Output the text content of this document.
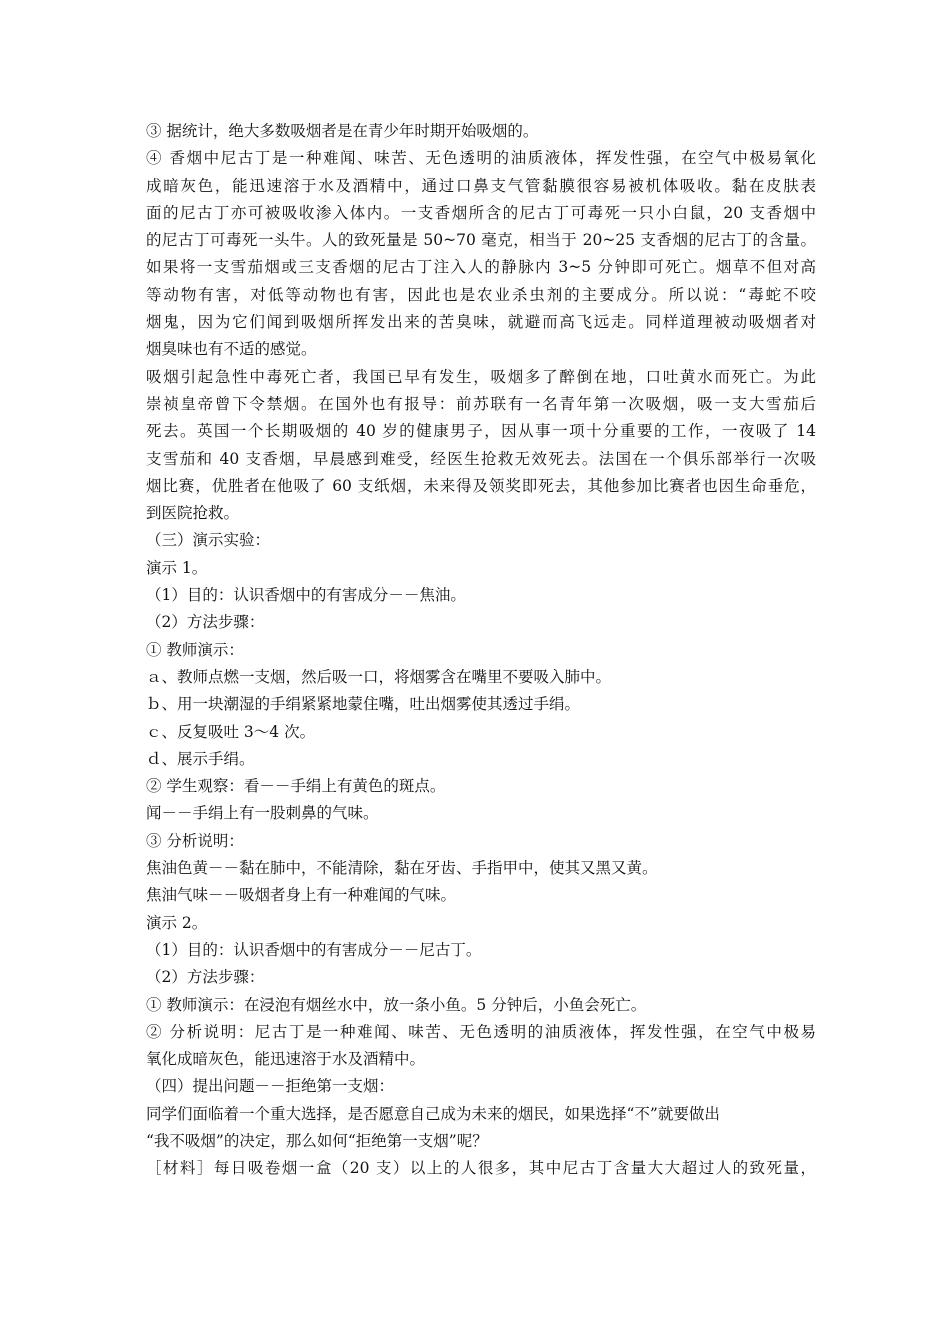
③ 据统计，绝大多数吸烟者是在青少年时期开始吸烟的。
④ 香烟中尼古丁是一种难闻、味苦、无色透明的油质液体，挥发性强，在空气中极易氧化
成暗灰色，能迅速溶于水及酒精中，通过口鼻支气管黏膜很容易被机体吸收。黏在皮肤表
面的尼古丁亦可被吸收渗入体内。一支香烟所含的尼古丁可毒死一只小白鼠，20 支香烟中
的尼古丁可毒死一头牛。人的致死量是 50~70 毫克，相当于 20~25 支香烟的尼古丁的含量。
如果将一支雪茄烟或三支香烟的尼古丁注入人的静脉内 3~5 分钟即可死亡。烟草不但对高
等动物有害，对低等动物也有害，因此也是农业杀虫剂的主要成分。所以说：“毒蛇不咬
烟鬼，因为它们闻到吸烟所挥发出来的苦臭味，就避而高飞远走。同样道理被动吸烟者对
烟臭味也有不适的感觉。
吸烟引起急性中毒死亡者，我国已早有发生，吸烟多了醉倒在地，口吐黄水而死亡。为此
崇祯皇帝曾下令禁烟。在国外也有报导：前苏联有一名青年第一次吸烟，吸一支大雪茄后
死去。英国一个长期吸烟的 40 岁的健康男子，因从事一项十分重要的工作，一夜吸了 14
支雪茄和 40 支香烟，早晨感到难受，经医生抢救无效死去。法国在一个俱乐部举行一次吸
烟比赛，优胜者在他吸了 60 支纸烟，未来得及领奖即死去，其他参加比赛者也因生命垂危，
到医院抢救。
（三）演示实验：
演示 1。
（1）目的：认识香烟中的有害成分－－焦油。
（2）方法步骤：
① 教师演示：
ａ、教师点燃一支烟，然后吸一口，将烟雾含在嘴里不要吸入肺中。
ｂ、用一块潮湿的手绢紧紧地蒙住嘴，吐出烟雾使其透过手绢。
ｃ、反复吸吐 3～4 次。
ｄ、展示手绢。
② 学生观察：看－－手绢上有黄色的斑点。
闻－－手绢上有一股刺鼻的气味。
③ 分析说明：
焦油色黄－－黏在肺中，不能清除，黏在牙齿、手指甲中，使其又黑又黄。
焦油气味－－吸烟者身上有一种难闻的气味。
演示 2。
（1）目的：认识香烟中的有害成分－－尼古丁。
（2）方法步骤：
① 教师演示：在浸泡有烟丝水中，放一条小鱼。5 分钟后，小鱼会死亡。
② 分析说明：尼古丁是一种难闻、味苦、无色透明的油质液体，挥发性强，在空气中极易
氧化成暗灰色，能迅速溶于水及酒精中。
（四）提出问题－－拒绝第一支烟：
同学们面临着一个重大选择，是否愿意自己成为未来的烟民，如果选择“不”就要做出
“我不吸烟”的决定，那么如何“拒绝第一支烟”呢？
［材料］每日吸卷烟一盒（20 支）以上的人很多，其中尼古丁含量大大超过人的致死量，
